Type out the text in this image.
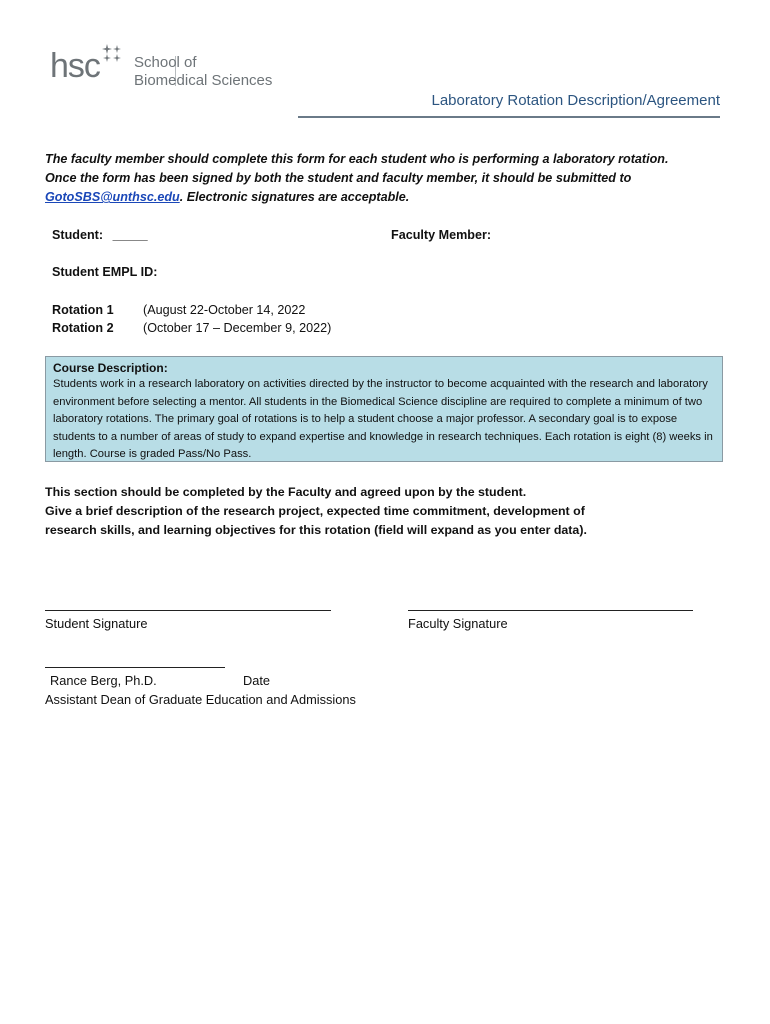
hsc School of
Biomedical Sciences
Laboratory Rotation Description/Agreement
The faculty member should complete this form for each student who is performing a laboratory rotation.
Once the form has been signed by both the student and faculty member, it should be submitted to
GotoSBS@unthsc.edu. Electronic signatures are acceptable.
Student: _____	Faculty Member:
Student EMPL ID:
Rotation 1 (August 22-October 14, 2022
Rotation 2 (October 17 – December 9, 2022)
Course Description:
Students work in a research laboratory on activities directed by the instructor to become acquainted with the research and laboratory environment before selecting a mentor. All students in the Biomedical Science discipline are required to complete a minimum of two laboratory rotations. The primary goal of rotations is to help a student choose a major professor. A secondary goal is to expose students to a number of areas of study to expand expertise and knowledge in research techniques. Each rotation is eight (8) weeks in length. Course is graded Pass/No Pass.
This section should be completed by the Faculty and agreed upon by the student.
Give a brief description of the research project, expected time commitment, development of
research skills, and learning objectives for this rotation (field will expand as you enter data).
Student Signature	Faculty Signature
Rance Berg, Ph.D.	Date
Assistant Dean of Graduate Education and Admissions
